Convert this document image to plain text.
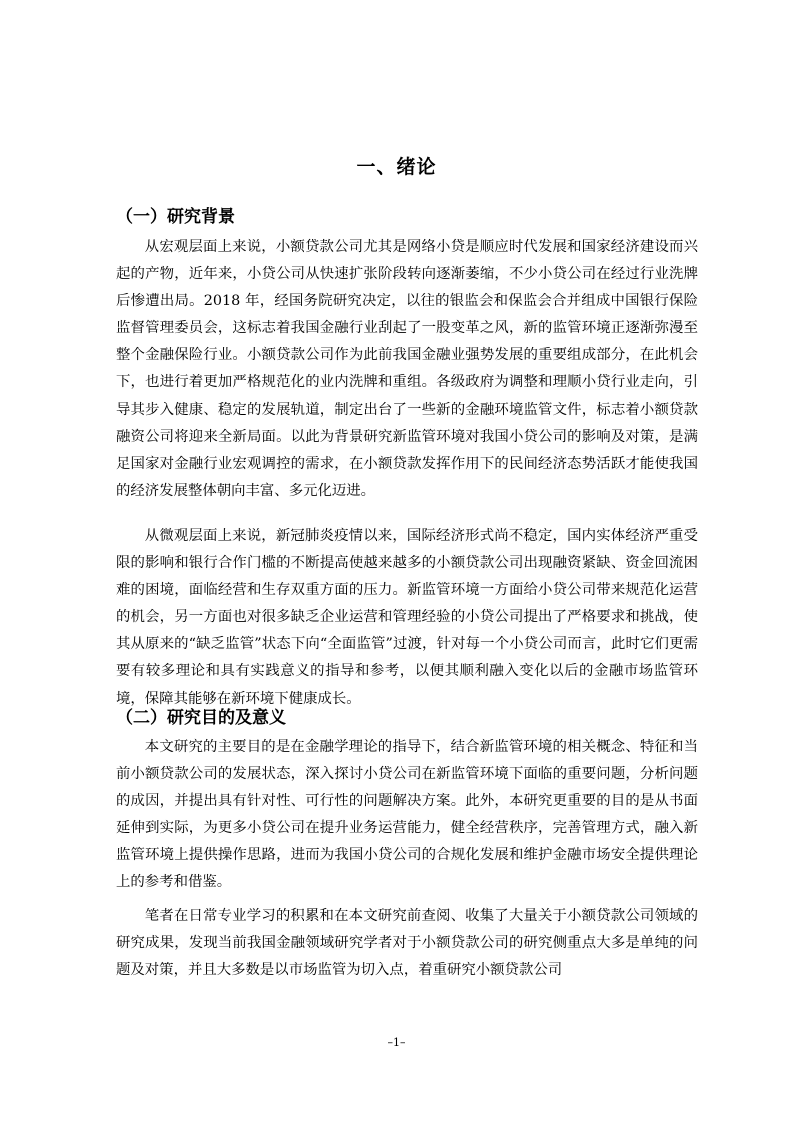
一、绪论
（一）研究背景

从宏观层面上来说，小额贷款公司尤其是网络小贷是顺应时代发展和国家经济建设而兴起的产物，近年来，小贷公司从快速扩张阶段转向逐渐萎缩，不少小贷公司在经过行业洗牌后惨遭出局。2018 年，经国务院研究决定，以往的银监会和保监会合并组成中国银行保险监督管理委员会，这标志着我国金融行业刮起了一股变革之风，新的监管环境正逐渐弥漫至整个金融保险行业。小额贷款公司作为此前我国金融业强势发展的重要组成部分，在此机会下，也进行着更加严格规范化的业内洗牌和重组。各级政府为调整和理顺小贷行业走向，引导其步入健康、稳定的发展轨道，制定出台了一些新的金融环境监管文件，标志着小额贷款融资公司将迎来全新局面。以此为背景研究新监管环境对我国小贷公司的影响及对策，是满足国家对金融行业宏观调控的需求，在小额贷款发挥作用下的民间经济态势活跃才能使我国的经济发展整体朝向丰富、多元化迈进。

从微观层面上来说，新冠肺炎疫情以来，国际经济形式尚不稳定，国内实体经济严重受限的影响和银行合作门槛的不断提高使越来越多的小额贷款公司出现融资紧缺、资金回流困难的困境，面临经营和生存双重方面的压力。新监管环境一方面给小贷公司带来规范化运营的机会，另一方面也对很多缺乏企业运营和管理经验的小贷公司提出了严格要求和挑战，使其从原来的“缺乏监管”状态下向“全面监管”过渡，针对每一个小贷公司而言，此时它们更需要有较多理论和具有实践意义的指导和参考，以便其顺利融入变化以后的金融市场监管环境，保障其能够在新环境下健康成长。

（二）研究目的及意义

本文研究的主要目的是在金融学理论的指导下，结合新监管环境的相关概念、特征和当前小额贷款公司的发展状态，深入探讨小贷公司在新监管环境下面临的重要问题，分析问题的成因，并提出具有针对性、可行性的问题解决方案。此外，本研究更重要的目的是从书面延伸到实际，为更多小贷公司在提升业务运营能力，健全经营秩序，完善管理方式，融入新监管环境上提供操作思路，进而为我国小贷公司的合规化发展和维护金融市场安全提供理论上的参考和借鉴。

笔者在日常专业学习的积累和在本文研究前查阅、收集了大量关于小额贷款公司领域的研究成果，发现当前我国金融领域研究学者对于小额贷款公司的研究侧重点大多是单纯的问题及对策，并且大多数是以市场监管为切入点，着重研究小额贷款公司

–1–
